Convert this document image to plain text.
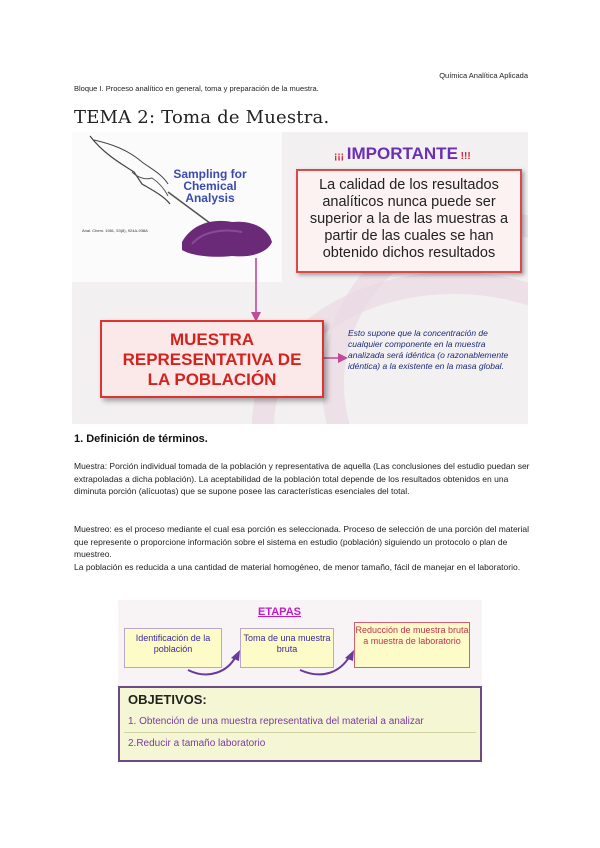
Química Analítica Aplicada
Bloque I. Proceso analítico en general, toma y preparación de la muestra.
TEMA 2: Toma de Muestra.
Sampling for Chemical Analysis
Anal. Chem. 1981, 53(8), 924A-938A
¡¡¡ IMPORTANTE !!!
La calidad de los resultados
analíticos nunca puede ser
superior a la de las muestras a
partir de las cuales se han
obtenido dichos resultados
MUESTRA
REPRESENTATIVA DE
LA POBLACIÓN
Esto supone que la concentración de cualquier componente en la muestra analizada será idéntica (o razonablemente idéntica) a la existente en la masa global.
1. Definición de términos.
Muestra: Porción individual tomada de la población y representativa de aquella (Las conclusiones del estudio puedan ser extrapoladas a dicha población). La aceptabilidad de la población total depende de los resultados obtenidos en una diminuta porción (alícuotas) que se supone posee las características esenciales del total.
Muestreo: es el proceso mediante el cual esa porción es seleccionada. Proceso de selección de una porción del material que represente o proporcione información sobre el sistema en estudio (población) siguiendo un protocolo o plan de muestreo.
La población es reducida a una cantidad de material homogéneo, de menor tamaño, fácil de manejar en el laboratorio.
ETAPAS
Identificación de la población
Toma de una muestra bruta
Reducción de muestra bruta a muestra de laboratorio
OBJETIVOS:
1. Obtención de una muestra representativa del material a analizar
2.Reducir a tamaño laboratorio
